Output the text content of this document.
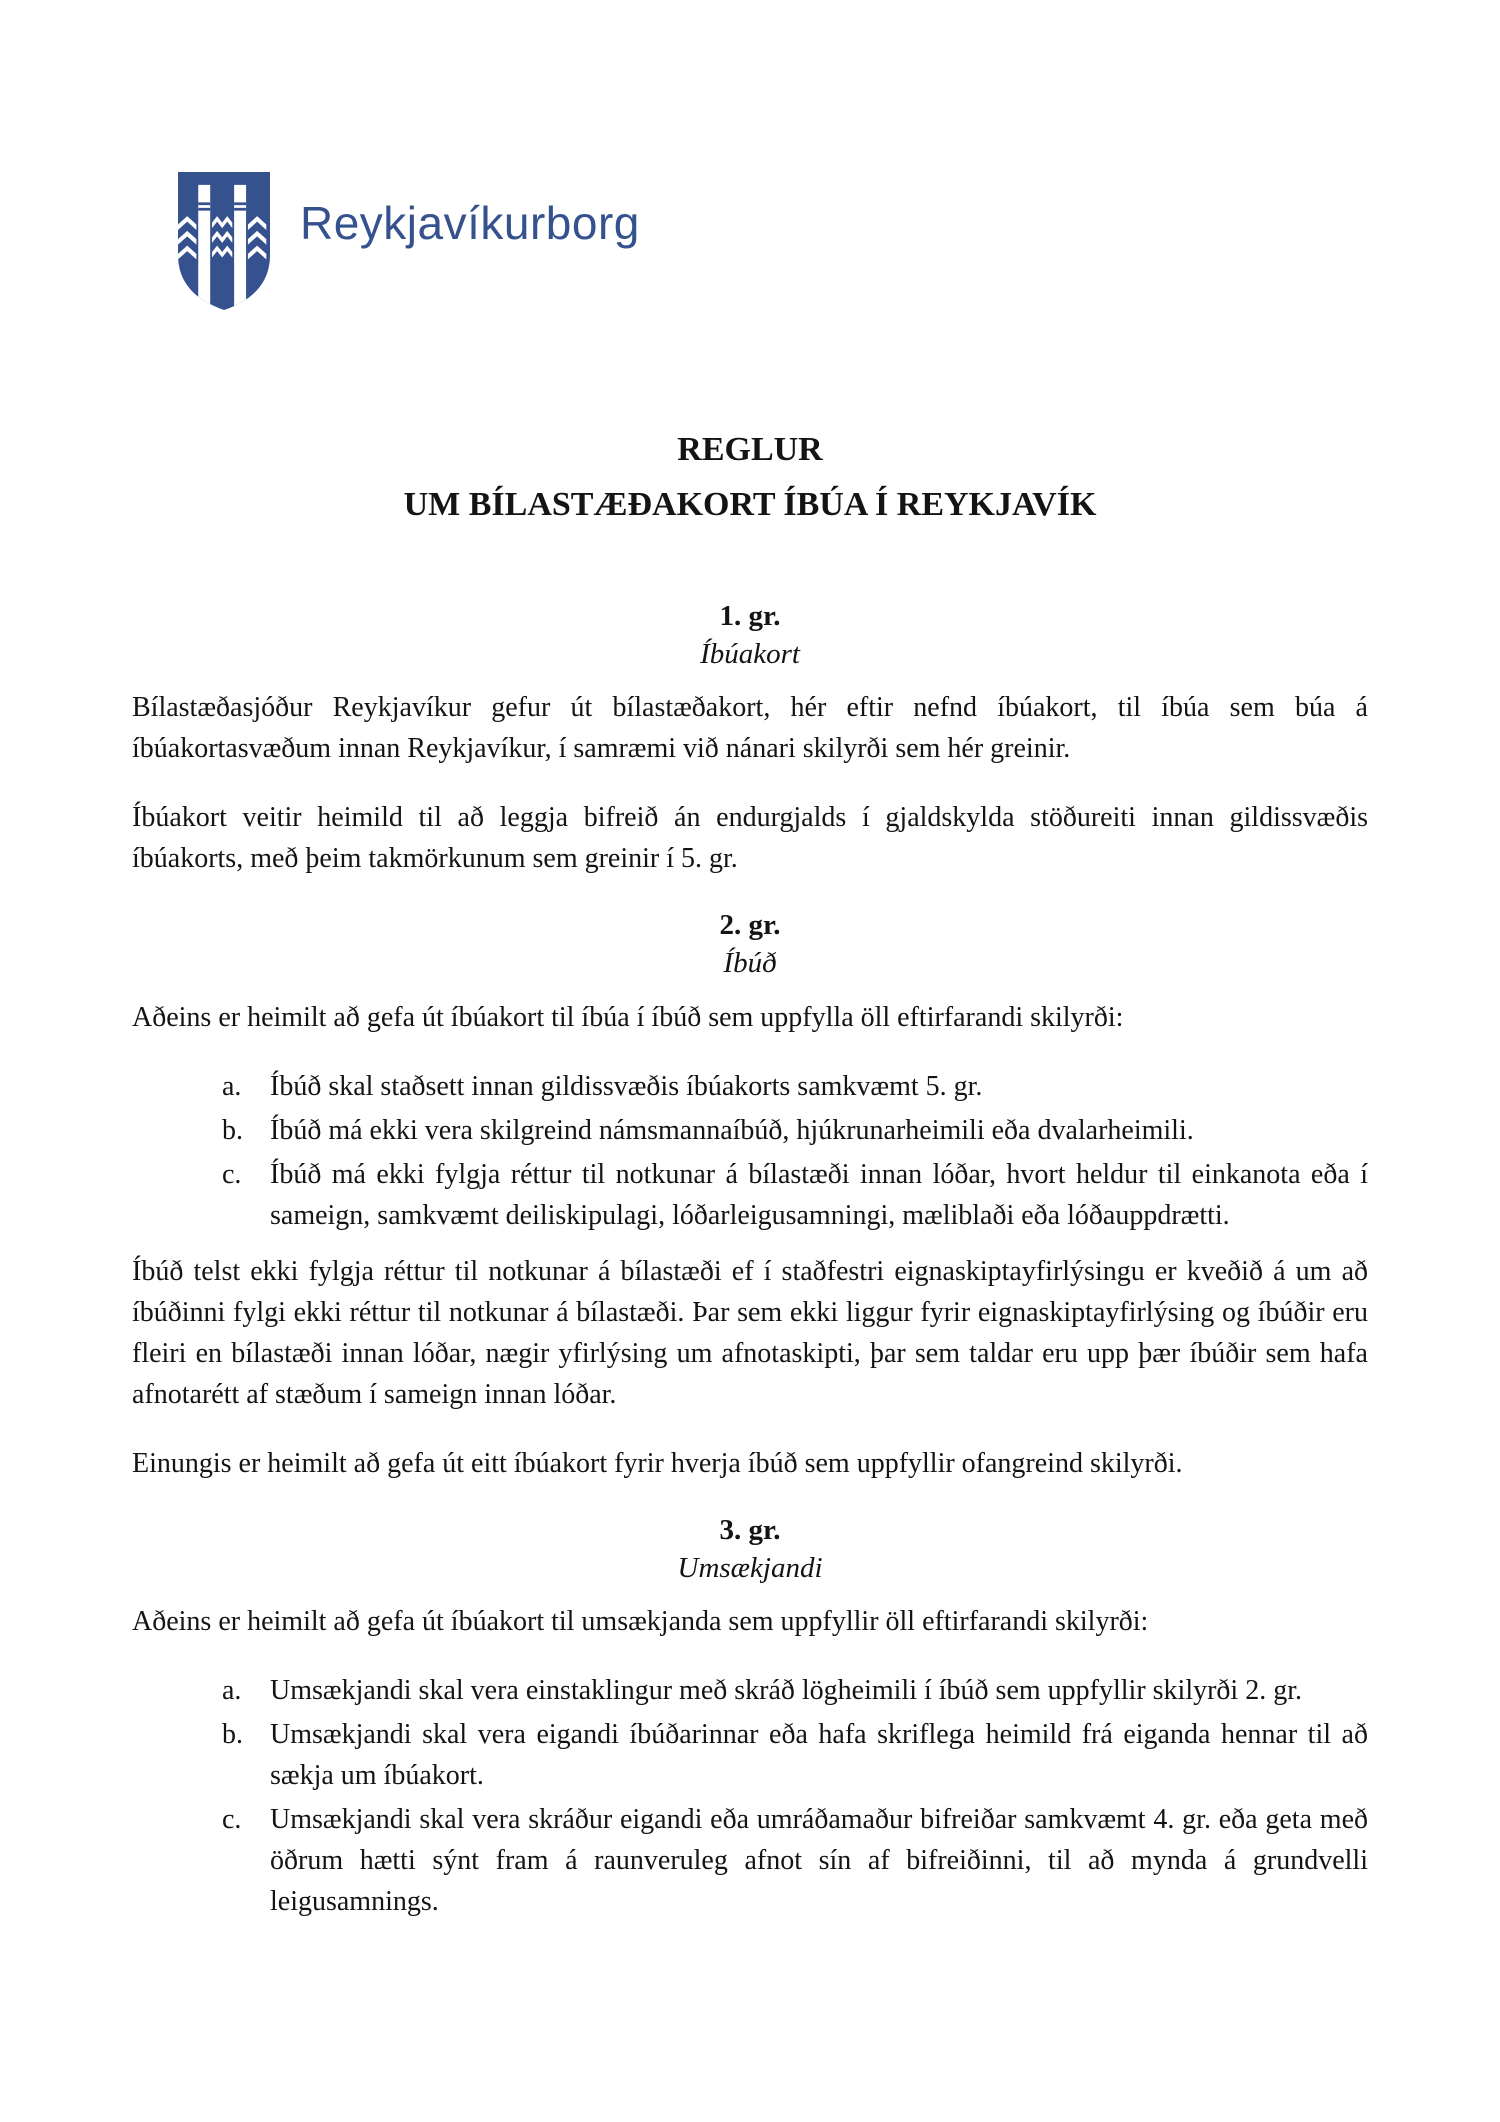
Reykjavíkurborg
REGLUR
UM BÍLASTÆÐAKORT ÍBÚA Í REYKJAVÍK
1. gr.
Íbúakort

Bílastæðasjóður Reykjavíkur gefur út bílastæðakort, hér eftir nefnd íbúakort, til íbúa sem búa á íbúakortasvæðum innan Reykjavíkur, í samræmi við nánari skilyrði sem hér greinir.

Íbúakort veitir heimild til að leggja bifreið án endurgjalds í gjaldskylda stöðureiti innan gildissvæðis íbúakorts, með þeim takmörkunum sem greinir í 5. gr.

2. gr.
Íbúð

Aðeins er heimilt að gefa út íbúakort til íbúa í íbúð sem uppfylla öll eftirfarandi skilyrði:

a. Íbúð skal staðsett innan gildissvæðis íbúakorts samkvæmt 5. gr.
b. Íbúð má ekki vera skilgreind námsmannaíbúð, hjúkrunarheimili eða dvalarheimili.
c. Íbúð má ekki fylgja réttur til notkunar á bílastæði innan lóðar, hvort heldur til einkanota eða í sameign, samkvæmt deiliskipulagi, lóðarleigusamningi, mæliblaði eða lóðauppdrætti.

Íbúð telst ekki fylgja réttur til notkunar á bílastæði ef í staðfestri eignaskiptayfirlýsingu er kveðið á um að íbúðinni fylgi ekki réttur til notkunar á bílastæði. Þar sem ekki liggur fyrir eignaskiptayfirlýsing og íbúðir eru fleiri en bílastæði innan lóðar, nægir yfirlýsing um afnotaskipti, þar sem taldar eru upp þær íbúðir sem hafa afnotarétt af stæðum í sameign innan lóðar.

Einungis er heimilt að gefa út eitt íbúakort fyrir hverja íbúð sem uppfyllir ofangreind skilyrði.

3. gr.
Umsækjandi

Aðeins er heimilt að gefa út íbúakort til umsækjanda sem uppfyllir öll eftirfarandi skilyrði:

a. Umsækjandi skal vera einstaklingur með skráð lögheimili í íbúð sem uppfyllir skilyrði 2. gr.
b. Umsækjandi skal vera eigandi íbúðarinnar eða hafa skriflega heimild frá eiganda hennar til að sækja um íbúakort.
c. Umsækjandi skal vera skráður eigandi eða umráðamaður bifreiðar samkvæmt 4. gr. eða geta með öðrum hætti sýnt fram á raunveruleg afnot sín af bifreiðinni, til að mynda á grundvelli leigusamnings.
